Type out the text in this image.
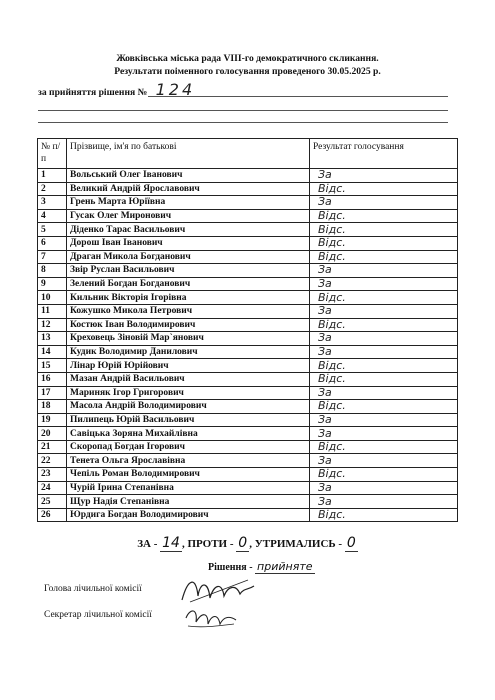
Жовківська міська рада VIII-го демократичного скликання.
Результати поіменного голосування проведеного 30.05.2025 р.
за прийняття рішення № 124
№ п/п	Прізвище, ім'я по батькові	Результат голосування
1	Вольський Олег Іванович	За
2	Великий Андрій Ярославович	Відс.
3	Грень Марта Юріївна	За
4	Гусак Олег Миронович	Відс.
5	Діденко Тарас Васильович	Відс.
6	Дорош Іван Іванович	Відс.
7	Драган Микола Богданович	Відс.
8	Звір Руслан Васильович	За
9	Зелений Богдан Богданович	За
10	Кильник Вікторія Ігорівна	Відс.
11	Кожушко Микола Петрович	За
12	Костюк Іван Володимирович	Відс.
13	Креховець Зіновій Мар`янович	За
14	Кудик Володимир Данилович	За
15	Лінар Юрій Юрійович	Відс.
16	Мазан Андрій Васильович	Відс.
17	Мариняк Ігор Григорович	За
18	Масола Андрій Володимирович	Відс.
19	Пилипець Юрій Васильович	За
20	Савіцька Зоряна Михайлівна	За
21	Скоропад Богдан Ігорович	Відс.
22	Тенета Ольга Ярославівна	За
23	Чепіль Роман Володимирович	Відс.
24	Чурій Ірина Степанівна	За
25	Щур Надія Степанівна	За
26	Юрдига Богдан Володимирович	Відс.
ЗА - 14 , ПРОТИ - 0 , УТРИМАЛИСЬ - 0
Рішення - прийняте
Голова лічильної комісії
Секретар лічильної комісії
